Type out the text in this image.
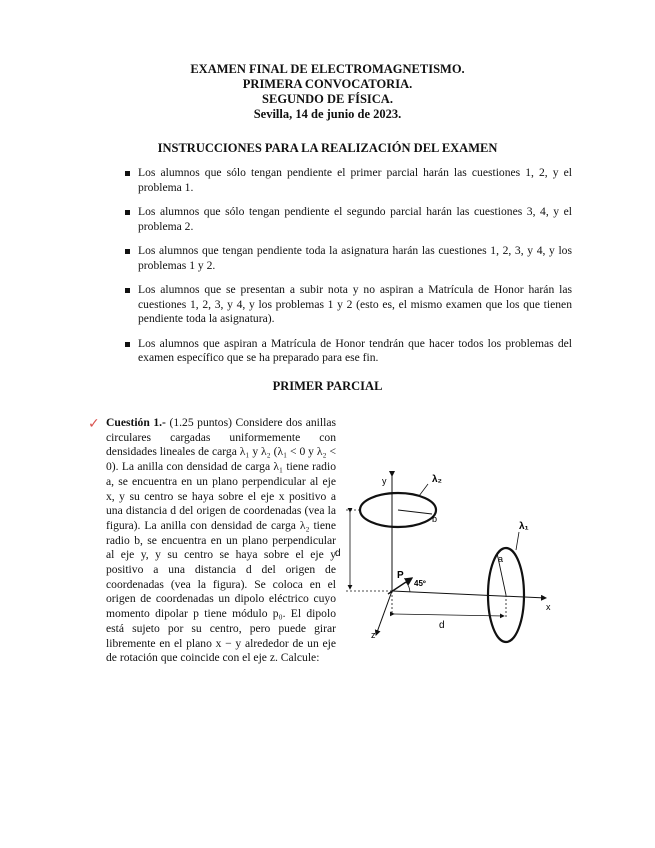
EXAMEN FINAL DE ELECTROMAGNETISMO.
PRIMERA CONVOCATORIA.
SEGUNDO DE FÍSICA.
Sevilla, 14 de junio de 2023.
INSTRUCCIONES PARA LA REALIZACIÓN DEL EXAMEN
Los alumnos que sólo tengan pendiente el primer parcial harán las cuestiones 1, 2, y el problema 1.
Los alumnos que sólo tengan pendiente el segundo parcial harán las cuestiones 3, 4, y el problema 2.
Los alumnos que tengan pendiente toda la asignatura harán las cuestiones 1, 2, 3, y 4, y los problemas 1 y 2.
Los alumnos que se presentan a subir nota y no aspiran a Matrícula de Honor harán las cuestiones 1, 2, 3, y 4, y los problemas 1 y 2 (esto es, el mismo examen que los que tienen pendiente toda la asignatura).
Los alumnos que aspiran a Matrícula de Honor tendrán que hacer todos los problemas del examen específico que se ha preparado para ese fin.
PRIMER PARCIAL
✓ Cuestión 1.- (1.25 puntos) Considere dos anillas circulares cargadas uniformemente con densidades lineales de carga λ₁ y λ₂ (λ₁ < 0 y λ₂ < 0). La anilla con densidad de carga λ₁ tiene radio a, se encuentra en un plano perpendicular al eje x, y su centro se haya sobre el eje x positivo a una distancia d del origen de coordenadas (vea la figura). La anilla con densidad de carga λ₂ tiene radio b, se encuentra en un plano perpendicular al eje y, y su centro se haya sobre el eje y positivo a una distancia d del origen de coordenadas (vea la figura). Se coloca en el origen de coordenadas un dipolo eléctrico cuyo momento dipolar p tiene módulo p₀. El dipolo está sujeto por su centro, pero puede girar libremente en el plano x − y alrededor de un eje de rotación que coincide con el eje z. Calcule:
y
x
z
b
λ₂
d
P
45º
a
λ₁
d
